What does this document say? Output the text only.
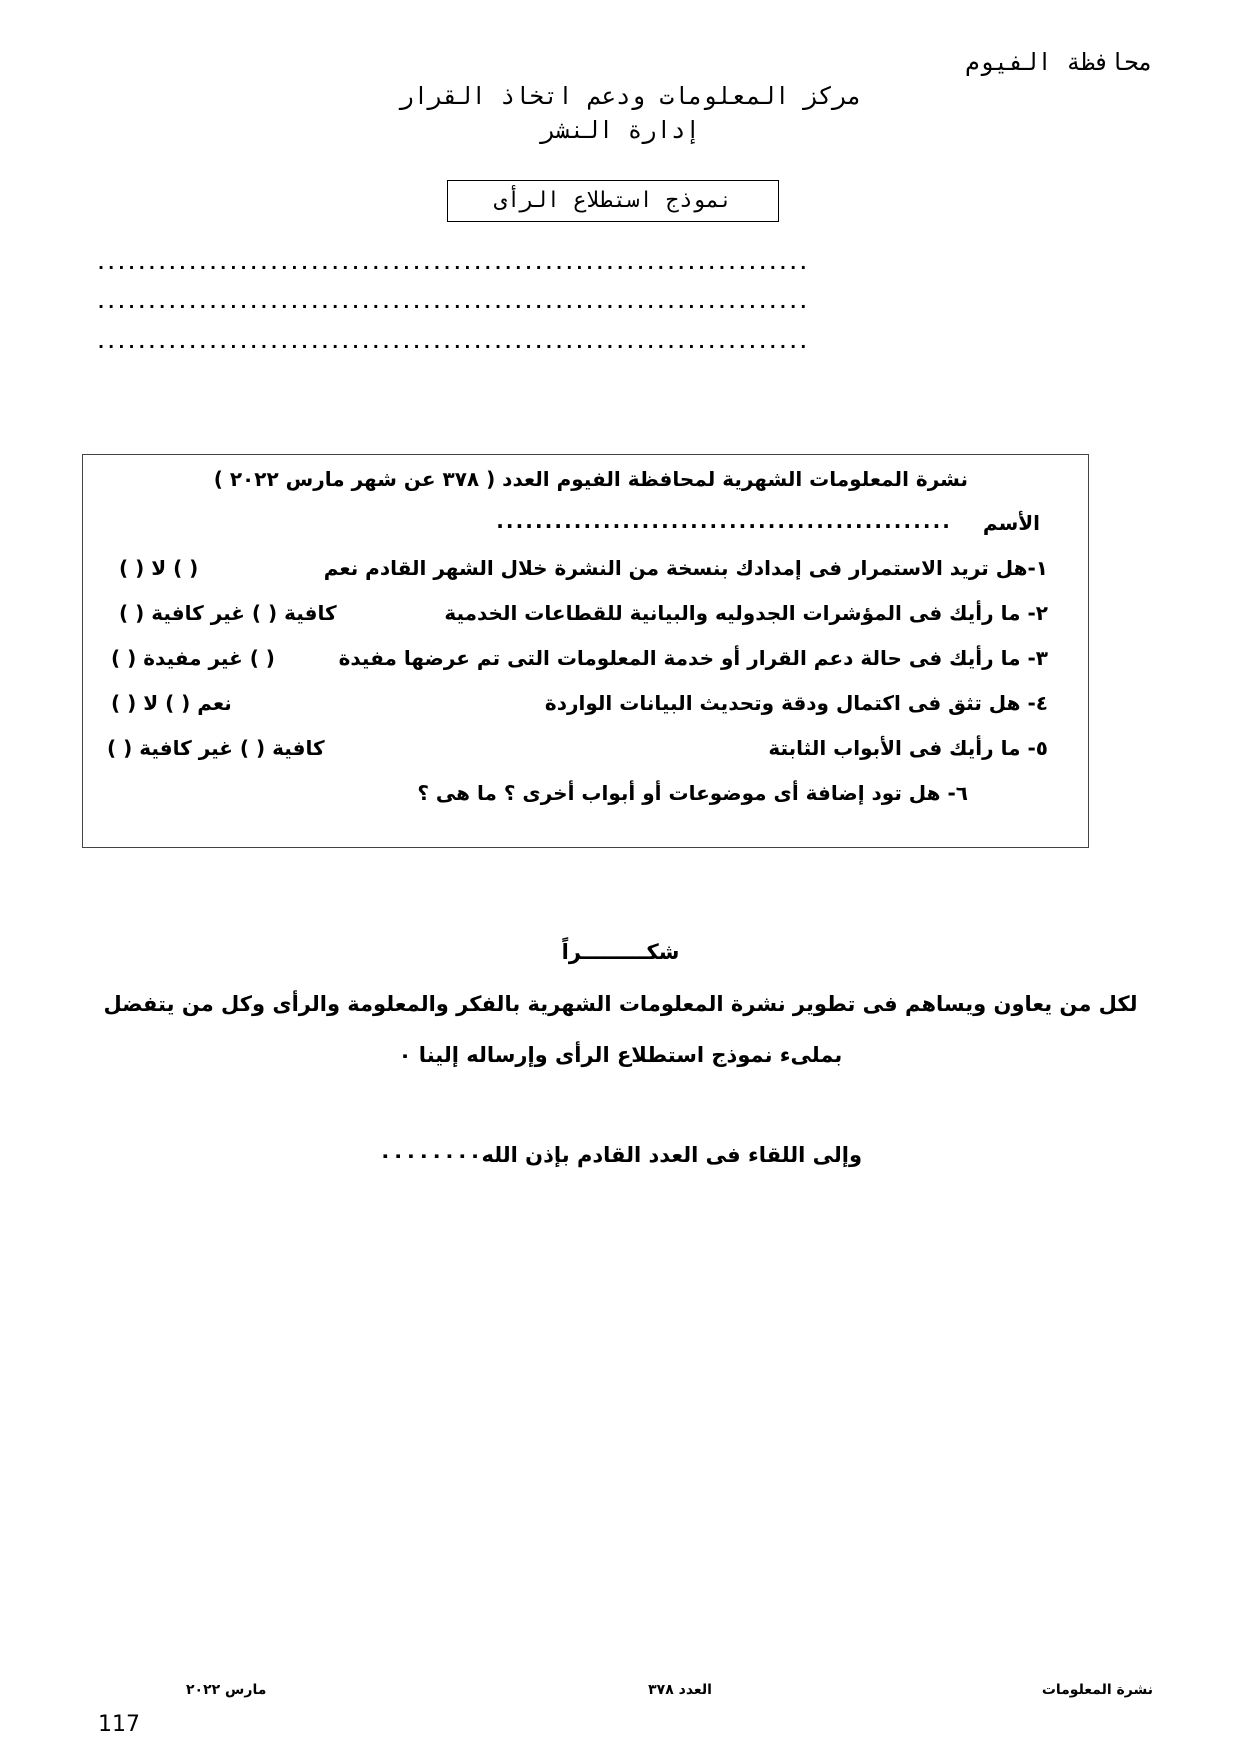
محافظة الفيوم
مركز المعلومات ودعم اتخاذ القرار
إدارة النشر
نموذج استطلاع الرأى
......................................................................
......................................................................
......................................................................
نشرة المعلومات الشهرية لمحافظة الفيوم العدد ( ٣٧٨ عن شهر مارس ٢٠٢٢ )
الأسم
...............................................
١-هل تريد الاستمرار فى إمدادك بنسخة من النشرة خلال الشهر القادم نعم
( ) لا ( )
٢- ما رأيك فى المؤشرات الجدوليه والبيانية للقطاعات الخدمية
كافية ( ) غير كافية ( )
٣- ما رأيك فى حالة دعم القرار أو خدمة المعلومات التى تم عرضها مفيدة
( ) غير مفيدة ( )
٤- هل تثق فى اكتمال ودقة وتحديث البيانات الواردة
نعم ( ) لا ( )
٥- ما رأيك فى الأبواب الثابتة
كافية ( ) غير كافية ( )
٦- هل تود إضافة أى موضوعات أو أبواب أخرى ؟ ما هى ؟
شكـــــــــراً
لكل من يعاون ويساهم فى تطوير نشرة المعلومات الشهرية بالفكر والمعلومة والرأى وكل من يتفضل
بملىء نموذج استطلاع الرأى وإرساله إلينا ٠
وإلى اللقاء فى العدد القادم بإذن الله٠٠٠٠٠٠٠٠
نشرة المعلومات
العدد ٣٧٨
مارس ٢٠٢٢
117
